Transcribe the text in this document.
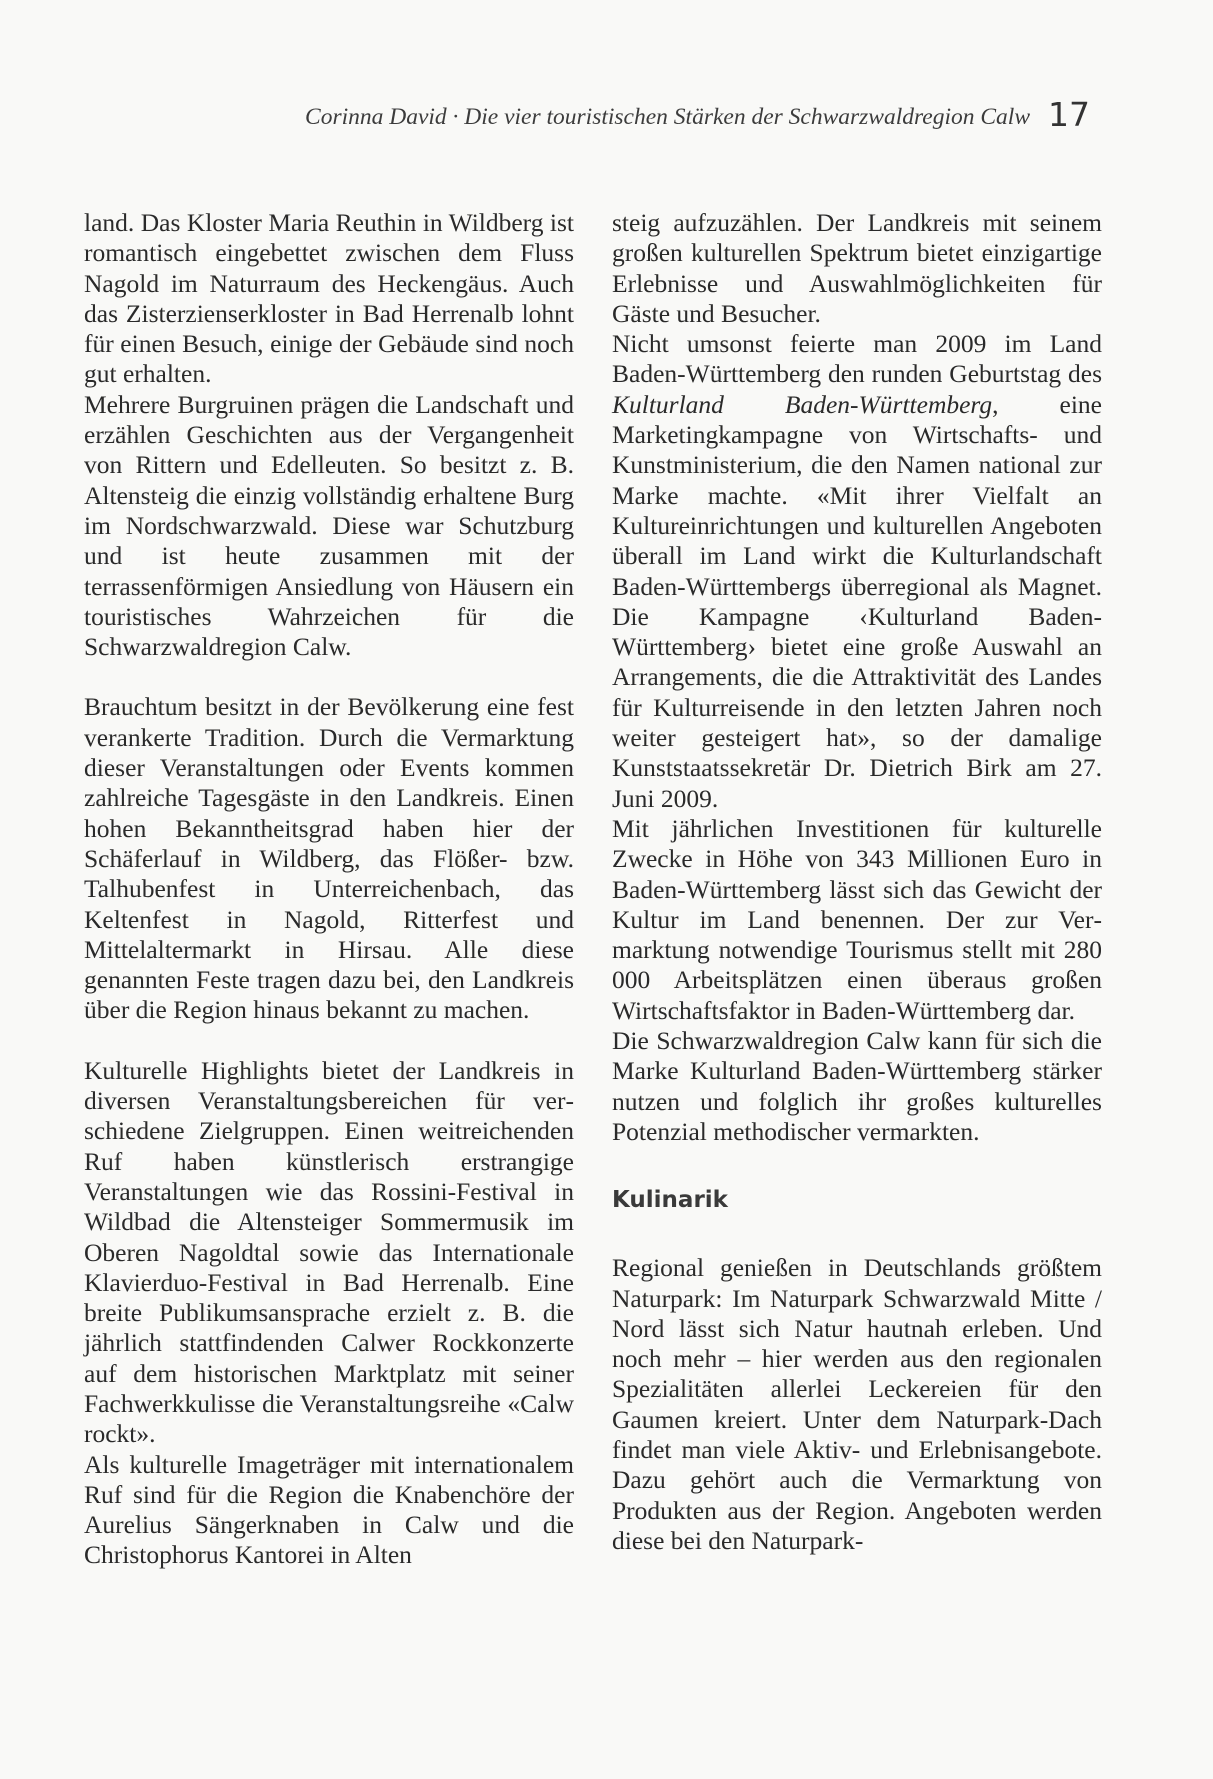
Corinna David · Die vier touristischen Stärken der Schwarzwaldregion Calw 17

land. Das Kloster Maria Reuthin in Wildberg ist romantisch eingebettet zwischen dem Fluss Nagold im Naturraum des Heckengäus. Auch das Zisterzienserkloster in Bad Herrenalb lohnt für einen Besuch, einige der Gebäude sind noch gut erhalten.

Mehrere Burgruinen prägen die Landschaft und erzählen Geschichten aus der Vergangenheit von Rittern und Edelleuten. So besitzt z. B. Altensteig die einzig vollständig erhaltene Burg im Nordschwarzwald. Diese war Schutzburg und ist heute zusammen mit der terrassenförmigen Ansiedlung von Häusern ein touristisches Wahrzeichen für die Schwarzwaldregion Calw.

Brauchtum besitzt in der Bevölkerung eine fest verankerte Tradition. Durch die Vermarktung dieser Veranstaltungen oder Events kommen zahlreiche Tagesgäste in den Landkreis. Einen hohen Bekanntheitsgrad haben hier der Schäferlauf in Wildberg, das Flößer- bzw. Talhubenfest in Unterreichenbach, das Keltenfest in Nagold, Ritterfest und Mittelaltermarkt in Hirsau. Alle diese genannten Feste tragen dazu bei, den Landkreis über die Region hinaus bekannt zu machen.

Kulturelle Highlights bietet der Landkreis in diversen Veranstaltungsbereichen für verschiedene Zielgruppen. Einen weitreichenden Ruf haben künstlerisch erstrangige Veranstaltungen wie das Rossini-Festival in Wildbad die Altensteiger Sommermusik im Oberen Nagoldtal sowie das Internationale Klavierduo-Festival in Bad Herrenalb. Eine breite Publikumsansprache erzielt z. B. die jährlich stattfindenden Calwer Rockkonzerte auf dem historischen Marktplatz mit seiner Fachwerkkulisse die Veranstaltungsreihe «Calw rockt».

Als kulturelle Imageträger mit internationalem Ruf sind für die Region die Knabenchöre der Aurelius Sängerknaben in Calw und die Christophorus Kantorei in Alten

steig aufzuzählen. Der Landkreis mit seinem großen kulturellen Spektrum bietet einzigartige Erlebnisse und Auswahlmöglichkeiten für Gäste und Besucher.

Nicht umsonst feierte man 2009 im Land Baden-Württemberg den runden Geburtstag des Kulturland Baden-Württemberg, eine Marketingkampagne von Wirtschafts- und Kunstministerium, die den Namen national zur Marke machte. «Mit ihrer Vielfalt an Kultureinrichtungen und kulturellen Angeboten überall im Land wirkt die Kulturlandschaft Baden-Württembergs überregional als Magnet. Die Kampagne ‹Kulturland Baden-Württemberg› bietet eine große Auswahl an Arrangements, die die Attraktivität des Landes für Kulturreisende in den letzten Jahren noch weiter gesteigert hat», so der damalige Kunststaatssekretär Dr. Dietrich Birk am 27. Juni 2009.

Mit jährlichen Investitionen für kulturelle Zwecke in Höhe von 343 Millionen Euro in Baden-Württemberg lässt sich das Gewicht der Kultur im Land benennen. Der zur Vermarktung notwendige Tourismus stellt mit 280 000 Arbeitsplätzen einen überaus großen Wirtschaftsfaktor in Baden-Württemberg dar.

Die Schwarzwaldregion Calw kann für sich die Marke Kulturland Baden-Württemberg stärker nutzen und folglich ihr großes kulturelles Potenzial methodischer vermarkten.

Kulinarik

Regional genießen in Deutschlands größtem Naturpark: Im Naturpark Schwarzwald Mitte / Nord lässt sich Natur hautnah erleben. Und noch mehr – hier werden aus den regionalen Spezialitäten allerlei Leckereien für den Gaumen kreiert. Unter dem Naturpark-Dach findet man viele Aktiv- und Erlebnisangebote. Dazu gehört auch die Vermarktung von Produkten aus der Region. Angeboten werden diese bei den Naturpark-
